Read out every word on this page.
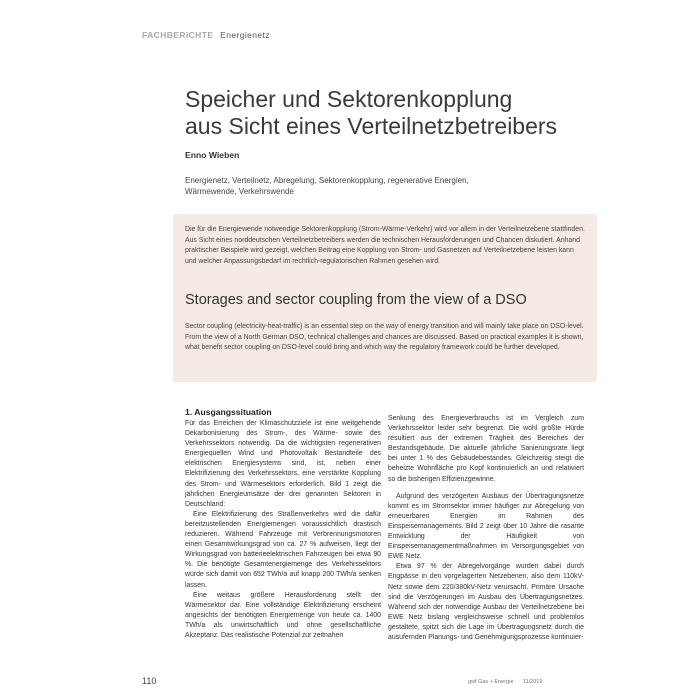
FACHBERICHTE Energienetz
Speicher und Sektorenkopplung
aus Sicht eines Verteilnetzbetreibers
Enno Wieben
Energienetz, Verteilnetz, Abregelung, Sektorenkopplung, regenerative Energien, Wärmewende, Verkehrswende
Die für die Energiewende notwendige Sektorenkopplung (Strom-Wärme-Verkehr) wird vor allem in der Verteilnetzebene stattfinden. Aus Sicht eines norddeutschen Verteilnetzbetreibers werden die technischen Herausforderungen und Chancen diskutiert. Anhand praktischer Beispiele wird gezeigt, welchen Beitrag eine Kopplung von Strom- und Gasnetzen auf Verteilnetzebene leisten kann und welcher Anpassungsbedarf im rechtlich-regulatorischen Rahmen gesehen wird.
Storages and sector coupling from the view of a DSO
Sector coupling (electricity-heat-traffic) is an essential step on the way of energy transition and will mainly take place on DSO-level. From the view of a North German DSO, technical challenges and chances are discussed. Based on practical examples it is shown, what benefit sector coupling on DSO-level could bring and which way the regulatory framework could be further developed.
1. Ausgangssituation

Für das Erreichen der Klimaschutzziele ist eine weitgehende Dekarbonisierung des Strom-, des Wärme- sowie des Verkehrssektors notwendig. Da die wichtigsten regenerativen Energiequellen Wind und Photovoltaik Bestandteile des elektrischen Energiesystems sind, ist, neben einer Elektrifizierung des Verkehrssektors, eine verstärkte Kopplung des Strom- und Wärmesektors erforderlich. Bild 1 zeigt die jährlichen Energieumsätze der drei genannten Sektoren in Deutschland:

Eine Elektrifizierung des Straßenverkehrs wird die dafür bereitzustellenden Energiemengen voraussichtlich drastisch reduzieren. Während Fahrzeuge mit Verbrennungsmotoren einen Gesamtwirkungsgrad von ca. 27 % aufweisen, liegt der Wirkungsgrad von batterieelektrischen Fahrzeugen bei etwa 90 %. Die benötigte Gesamtenergiemenge des Verkehrssektors würde sich damit von 652 TWh/a auf knapp 200 TWh/a senken lassen.

Eine weitaus größere Herausforderung stellt der Wärmesektor dar. Eine vollständige Elektrifizierung erscheint angesichts der benötigten Energiemenge von heute ca. 1400 TWh/a als unwirtschaftlich und ohne gesellschaftliche Akzeptanz. Das realistische Potenzial zur zeitnahen

Senkung des Energieverbrauchs ist im Vergleich zum Verkehrssektor leider sehr begrenzt. Die wohl größte Hürde resultiert aus der extremen Trägheit des Bereiches der Bestandsgebäude. Die aktuelle jährliche Sanierungsrate liegt bei unter 1 % des Gebäudebestandes. Gleichzeitig steigt die beheizte Wohnfläche pro Kopf kontinuierlich an und relativiert so die bisherigen Effizienzgewinne.

Aufgrund des verzögerten Ausbaus der Übertragungsnetze kommt es im Stromsektor immer häufiger zur Abregelung von erneuerbaren Energien im Rahmen des Einspeisemanagements. Bild 2 zeigt über 10 Jahre die rasante Entwicklung der Häufigkeit von Einspeisemanagementmaßnahmen im Versorgungsgebiet von EWE Netz.

Etwa 97 % der Abregelvorgänge wurden dabei durch Engpässe in den vorgelagerten Netzebenen, also dem 110kV-Netz sowie dem 220/380kV-Netz verursacht. Primäre Ursache sind die Verzögerungen im Ausbau des Übertragungsnetzes. Während sich der notwendige Ausbau der Verteilnetzebene bei EWE Netz bislang vergleichsweise schnell und problemlos gestaltete, spitzt sich die Lage im Übertragungsnetz durch die ausufernden Planungs- und Genehmigungsprozesse kontinuier-

110	gwf Gas + Energie 11/2019
